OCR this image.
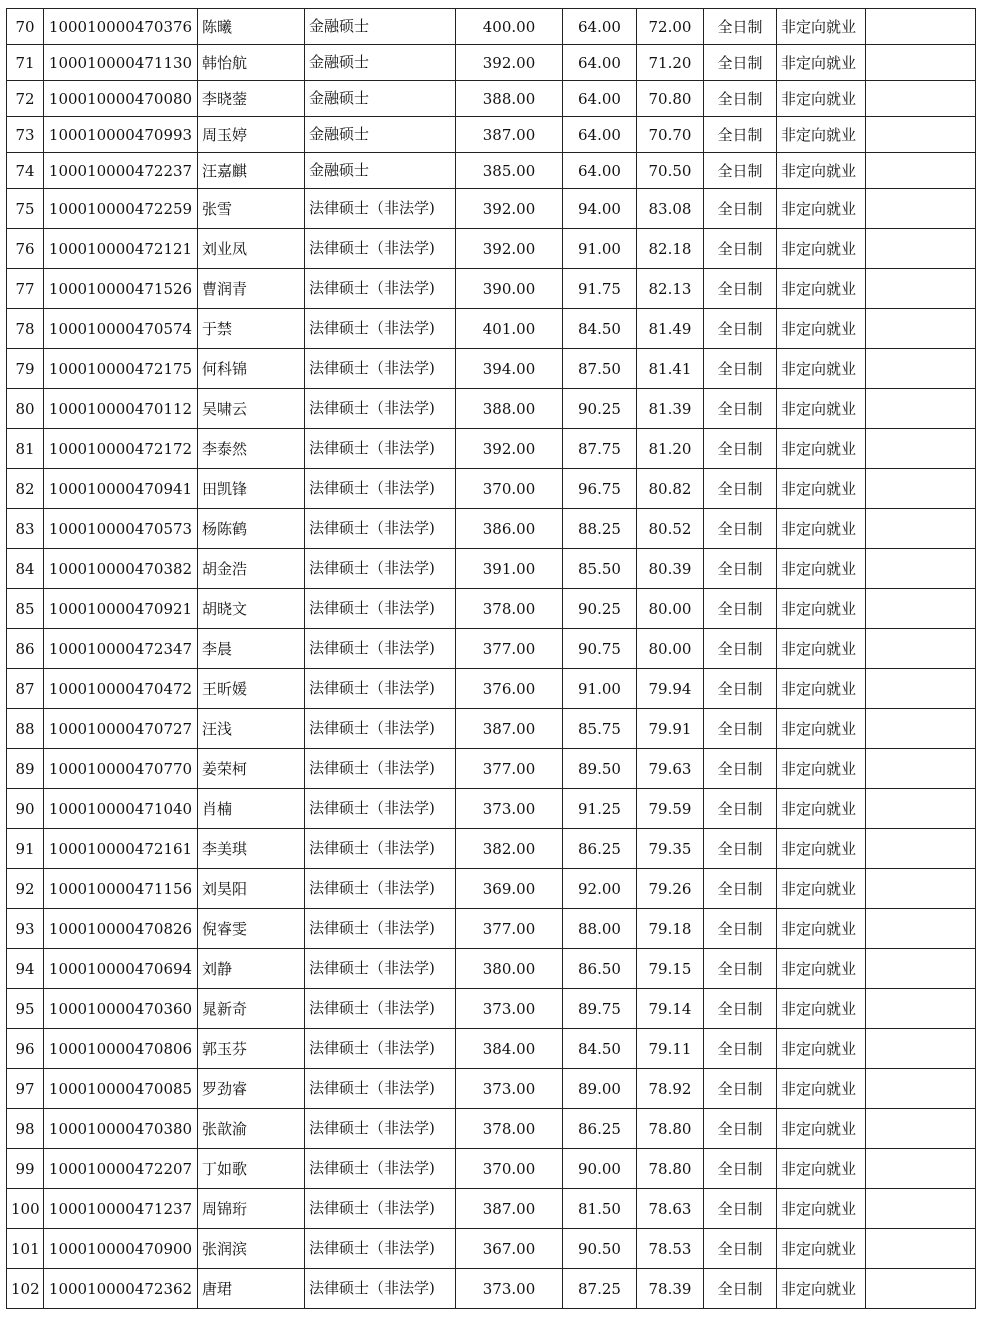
70	100010000470376	陈曦	金融硕士	400.00	64.00	72.00	全日制	非定向就业	
71	100010000471130	韩怡航	金融硕士	392.00	64.00	71.20	全日制	非定向就业	
72	100010000470080	李晓蓥	金融硕士	388.00	64.00	70.80	全日制	非定向就业	
73	100010000470993	周玉婷	金融硕士	387.00	64.00	70.70	全日制	非定向就业	
74	100010000472237	汪嘉麒	金融硕士	385.00	64.00	70.50	全日制	非定向就业	
75	100010000472259	张雪	法律硕士（非法学)	392.00	94.00	83.08	全日制	非定向就业	
76	100010000472121	刘业凤	法律硕士（非法学)	392.00	91.00	82.18	全日制	非定向就业	
77	100010000471526	曹润青	法律硕士（非法学)	390.00	91.75	82.13	全日制	非定向就业	
78	100010000470574	于禁	法律硕士（非法学)	401.00	84.50	81.49	全日制	非定向就业	
79	100010000472175	何科锦	法律硕士（非法学)	394.00	87.50	81.41	全日制	非定向就业	
80	100010000470112	吴啸云	法律硕士（非法学)	388.00	90.25	81.39	全日制	非定向就业	
81	100010000472172	李泰然	法律硕士（非法学)	392.00	87.75	81.20	全日制	非定向就业	
82	100010000470941	田凯锋	法律硕士（非法学)	370.00	96.75	80.82	全日制	非定向就业	
83	100010000470573	杨陈鹤	法律硕士（非法学)	386.00	88.25	80.52	全日制	非定向就业	
84	100010000470382	胡金浩	法律硕士（非法学)	391.00	85.50	80.39	全日制	非定向就业	
85	100010000470921	胡晓文	法律硕士（非法学)	378.00	90.25	80.00	全日制	非定向就业	
86	100010000472347	李晨	法律硕士（非法学)	377.00	90.75	80.00	全日制	非定向就业	
87	100010000470472	王昕媛	法律硕士（非法学)	376.00	91.00	79.94	全日制	非定向就业	
88	100010000470727	汪浅	法律硕士（非法学)	387.00	85.75	79.91	全日制	非定向就业	
89	100010000470770	姜荣柯	法律硕士（非法学)	377.00	89.50	79.63	全日制	非定向就业	
90	100010000471040	肖楠	法律硕士（非法学)	373.00	91.25	79.59	全日制	非定向就业	
91	100010000472161	李美琪	法律硕士（非法学)	382.00	86.25	79.35	全日制	非定向就业	
92	100010000471156	刘昊阳	法律硕士（非法学)	369.00	92.00	79.26	全日制	非定向就业	
93	100010000470826	倪睿雯	法律硕士（非法学)	377.00	88.00	79.18	全日制	非定向就业	
94	100010000470694	刘静	法律硕士（非法学)	380.00	86.50	79.15	全日制	非定向就业	
95	100010000470360	晁新奇	法律硕士（非法学)	373.00	89.75	79.14	全日制	非定向就业	
96	100010000470806	郭玉芬	法律硕士（非法学)	384.00	84.50	79.11	全日制	非定向就业	
97	100010000470085	罗劲睿	法律硕士（非法学)	373.00	89.00	78.92	全日制	非定向就业	
98	100010000470380	张歆渝	法律硕士（非法学)	378.00	86.25	78.80	全日制	非定向就业	
99	100010000472207	丁如歌	法律硕士（非法学)	370.00	90.00	78.80	全日制	非定向就业	
100	100010000471237	周锦珩	法律硕士（非法学)	387.00	81.50	78.63	全日制	非定向就业	
101	100010000470900	张润滨	法律硕士（非法学)	367.00	90.50	78.53	全日制	非定向就业	
102	100010000472362	唐珺	法律硕士（非法学)	373.00	87.25	78.39	全日制	非定向就业	
